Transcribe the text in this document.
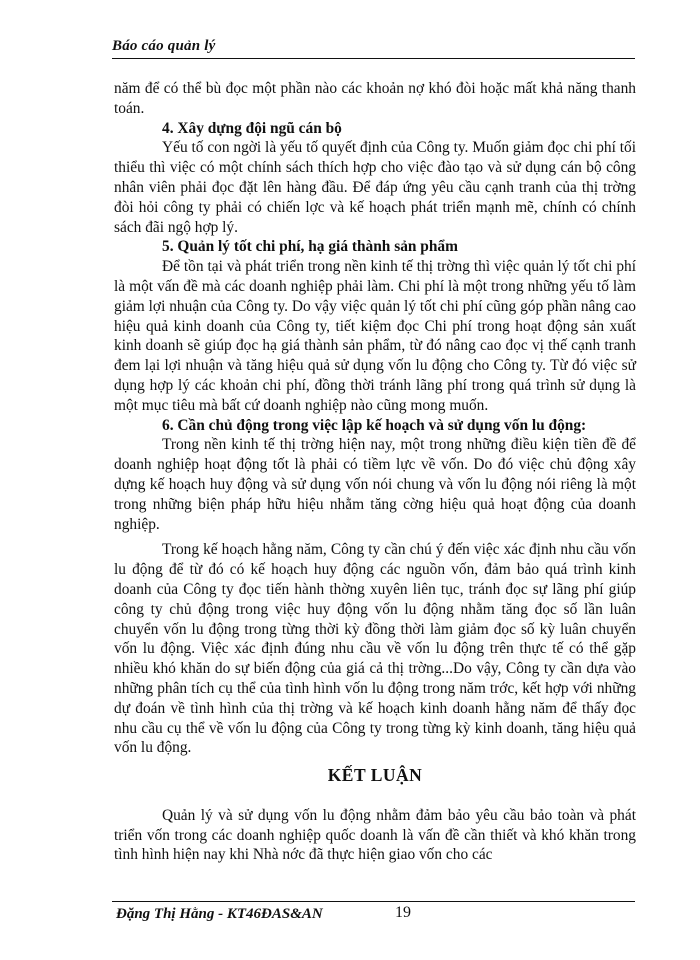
Báo cáo quản lý

năm để có thể bù đọc một phần nào các khoản nợ khó đòi hoặc mất khả năng thanh toán.

4. Xây dựng đội ngũ cán bộ

Yếu tố con ngời là yếu tố quyết định của Công ty. Muốn giảm đọc chi phí tối thiểu thì việc có một chính sách thích hợp cho việc đào tạo và sử dụng cán bộ công nhân viên phải đọc đặt lên hàng đầu. Để đáp ứng yêu cầu cạnh tranh của thị trờng đòi hỏi công ty phải có chiến lợc và kế hoạch phát triển mạnh mẽ, chính có chính sách đãi ngộ hợp lý.

5. Quản lý tốt chi phí, hạ giá thành sản phẩm

Để tồn tại và phát triển trong nền kinh tế thị trờng thì việc quản lý tốt chi phí là một vấn đề mà các doanh nghiệp phải làm. Chi phí là một trong những yếu tố làm giảm lợi nhuận của Công ty. Do vậy việc quản lý tốt chi phí cũng góp phần nâng cao hiệu quả kinh doanh của Công ty, tiết kiệm đọc Chi phí trong hoạt động sản xuất kinh doanh sẽ giúp đọc hạ giá thành sản phẩm, từ đó nâng cao đọc vị thế cạnh tranh đem lại lợi nhuận và tăng hiệu quả sử dụng vốn lu động cho Công ty. Từ đó việc sử dụng hợp lý các khoản chi phí, đồng thời tránh lãng phí trong quá trình sử dụng là một mục tiêu mà bất cứ doanh nghiệp nào cũng mong muốn.

6. Cần chủ động trong việc lập kế hoạch và sử dụng vốn lu động:

Trong nền kinh tế thị trờng hiện nay, một trong những điều kiện tiền đề để doanh nghiệp hoạt động tốt là phải có tiềm lực về vốn. Do đó việc chủ động xây dựng kế hoạch huy động và sử dụng vốn nói chung và vốn lu động nói riêng là một trong những biện pháp hữu hiệu nhằm tăng cờng hiệu quả hoạt động của doanh nghiệp.

Trong kế hoạch hằng năm, Công ty cần chú ý đến việc xác định nhu cầu vốn lu động để từ đó có kế hoạch huy động các nguồn vốn, đảm bảo quá trình kinh doanh của Công ty đọc tiến hành thờng xuyên liên tục, tránh đọc sự lãng phí giúp công ty chủ động trong việc huy động vốn lu động nhằm tăng đọc số lần luân chuyển vốn lu động trong từng thời kỳ đồng thời làm giảm đọc số kỳ luân chuyển vốn lu động. Việc xác định đúng nhu cầu về vốn lu động trên thực tế có thể gặp nhiều khó khăn do sự biến động của giá cả thị trờng...Do vậy, Công ty cần dựa vào những phân tích cụ thể của tình hình vốn lu động trong năm trớc, kết hợp với những dự đoán về tình hình của thị trờng và kế hoạch kinh doanh hằng năm để thấy đọc nhu cầu cụ thể về vốn lu động của Công ty trong từng kỳ kinh doanh, tăng hiệu quả vốn lu động.

KẾT LUẬN

Quản lý và sử dụng vốn lu động nhằm đảm bảo yêu cầu bảo toàn và phát triển vốn trong các doanh nghiệp quốc doanh là vấn đề cần thiết và khó khăn trong tình hình hiện nay khi Nhà nớc đã thực hiện giao vốn cho các

Đặng Thị Hằng - KT46ĐAS&AN	19
